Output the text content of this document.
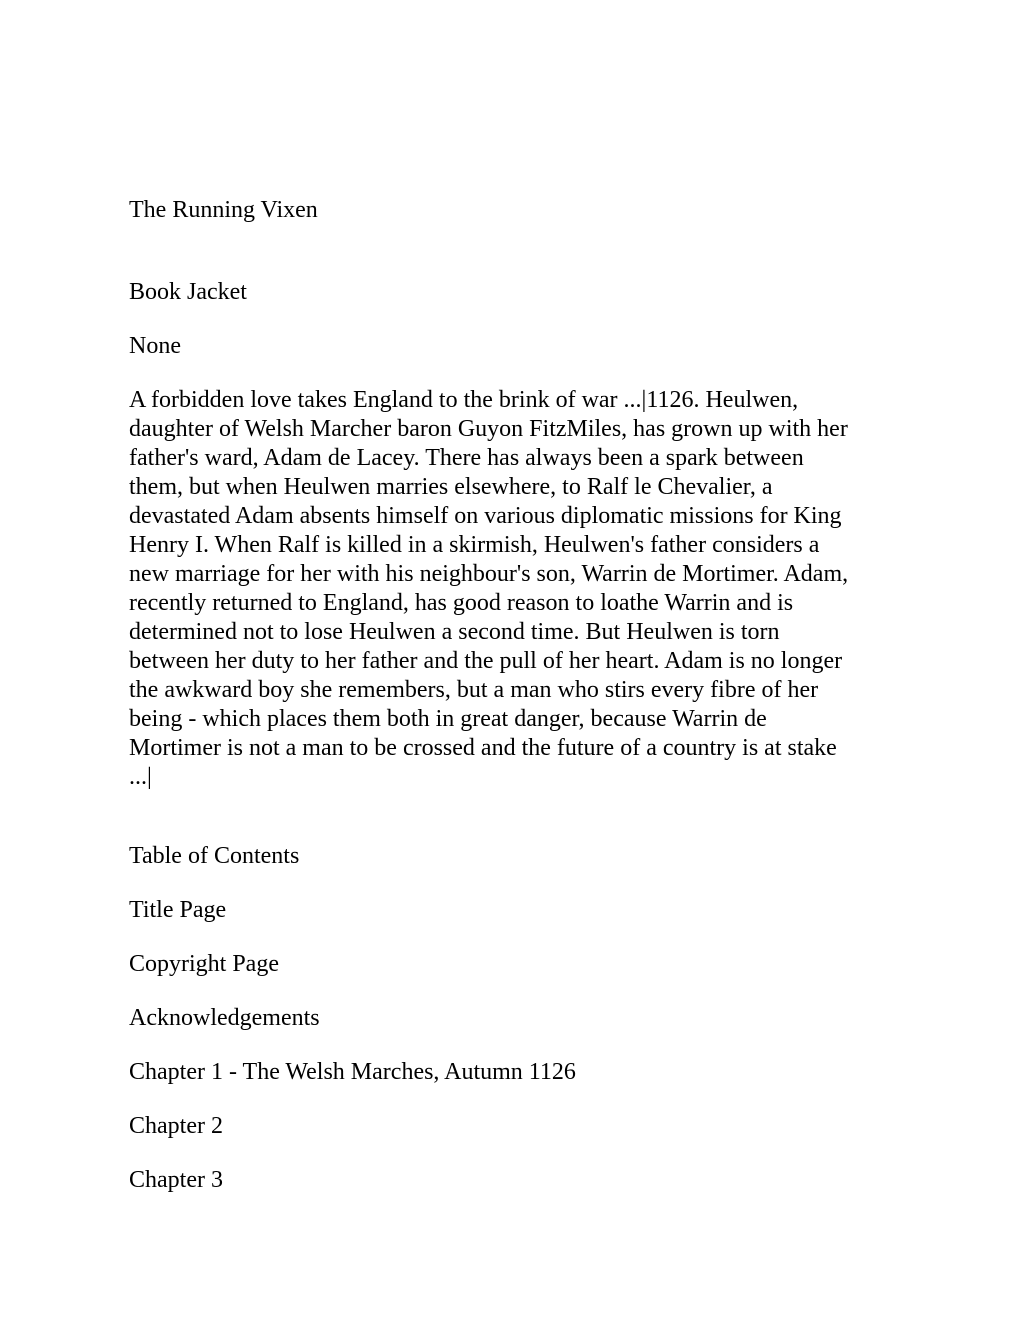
The Running Vixen

Book Jacket

None

A forbidden love takes England to the brink of war ...|1126. Heulwen,
daughter of Welsh Marcher baron Guyon FitzMiles, has grown up with her
father's ward, Adam de Lacey. There has always been a spark between
them, but when Heulwen marries elsewhere, to Ralf le Chevalier, a
devastated Adam absents himself on various diplomatic missions for King
Henry I. When Ralf is killed in a skirmish, Heulwen's father considers a
new marriage for her with his neighbour's son, Warrin de Mortimer. Adam,
recently returned to England, has good reason to loathe Warrin and is
determined not to lose Heulwen a second time. But Heulwen is torn
between her duty to her father and the pull of her heart. Adam is no longer
the awkward boy she remembers, but a man who stirs every fibre of her
being - which places them both in great danger, because Warrin de
Mortimer is not a man to be crossed and the future of a country is at stake
...|

Table of Contents

Title Page
Copyright Page
Acknowledgements
Chapter 1 - The Welsh Marches, Autumn 1126
Chapter 2
Chapter 3
